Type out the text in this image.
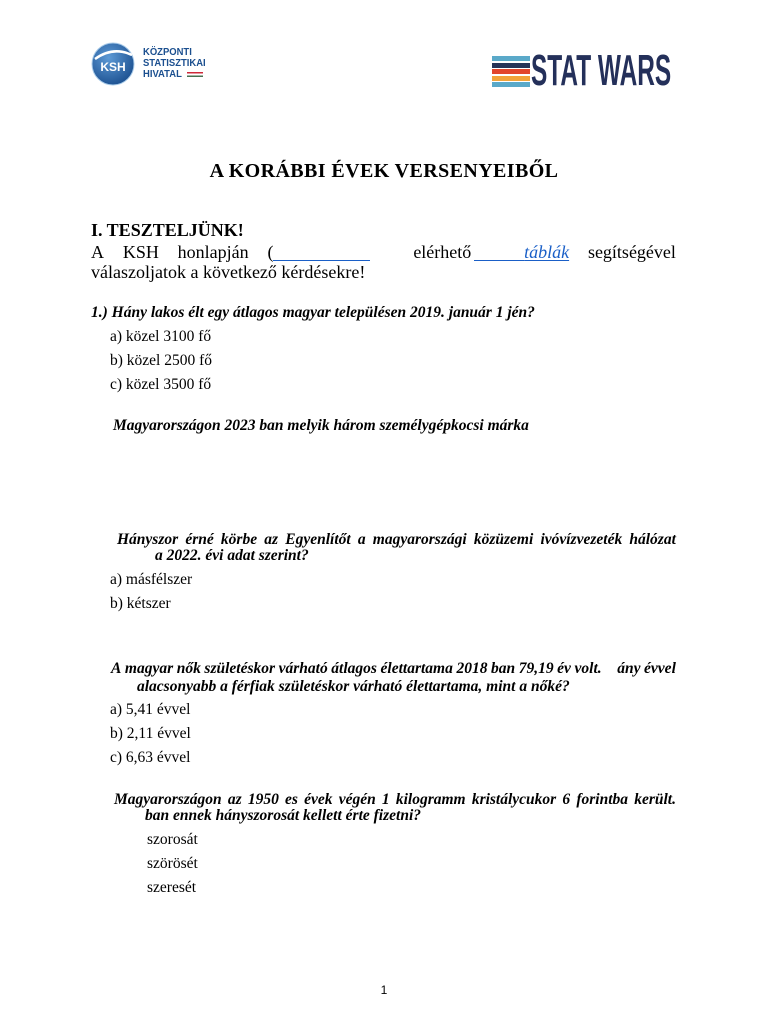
KSH
KÖZPONTI
STATISZTIKAI
HIVATAL	STAT WARS
A KORÁBBI ÉVEK VERSENYEIBŐL
I. TESZTELJÜNK!
A KSH honlapján (	elérhető	táblák segítségével
válaszoljatok a következő kérdésekre!
1.) Hány lakos élt egy átlagos magyar településen 2019. január 1 jén?
a) közel 3100 fő
b) közel 2500 fő
c) közel 3500 fő
Magyarországon 2023 ban melyik három személygépkocsi márka
Hányszor érné körbe az Egyenlítőt a magyarországi közüzemi ivóvízvezeték hálózat
a 2022. évi adat szerint?
a) másfélszer
b) kétszer
A magyar nők születéskor várható átlagos élettartama 2018 ban 79,19 év volt. ány évvel
alacsonyabb a férfiak születéskor várható élettartama, mint a nőké?
a) 5,41 évvel
b) 2,11 évvel
c) 6,63 évvel
Magyarországon az 1950 es évek végén 1 kilogramm kristálycukor 6 forintba került.
ban ennek hányszorosát kellett érte fizetni?
szorosát
szörösét
szeresét
1
